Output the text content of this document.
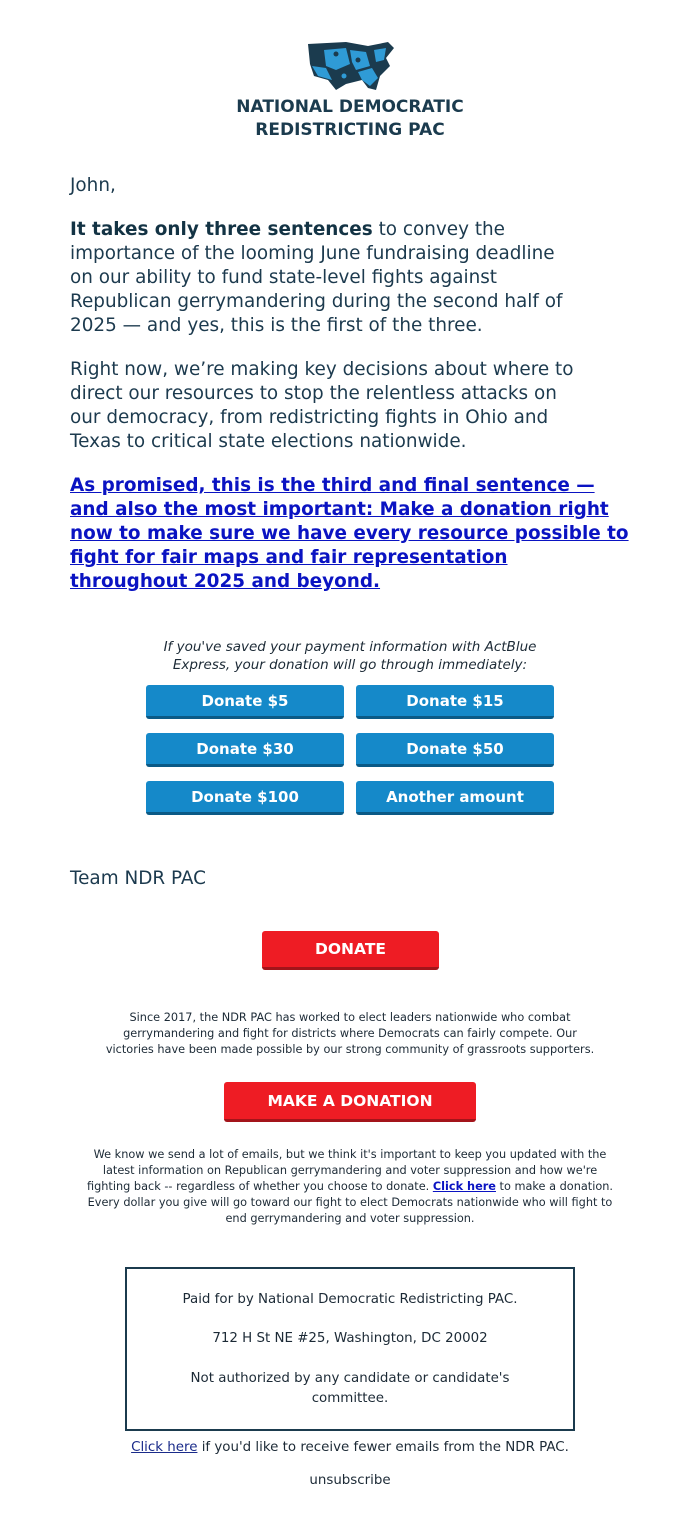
NATIONAL DEMOCRATIC
REDISTRICTING PAC
John,
It takes only three sentences to convey the
importance of the looming June fundraising deadline
on our ability to fund state-level fights against
Republican gerrymandering during the second half of
2025 — and yes, this is the first of the three.
Right now, we’re making key decisions about where to
direct our resources to stop the relentless attacks on
our democracy, from redistricting fights in Ohio and
Texas to critical state elections nationwide.
As promised, this is the third and final sentence —
and also the most important: Make a donation right
now to make sure we have every resource possible to
fight for fair maps and fair representation
throughout 2025 and beyond.
If you've saved your payment information with ActBlue
Express, your donation will go through immediately:
Donate $5	Donate $15
Donate $30	Donate $50
Donate $100	Another amount
Team NDR PAC
DONATE
Since 2017, the NDR PAC has worked to elect leaders nationwide who combat
gerrymandering and fight for districts where Democrats can fairly compete. Our
victories have been made possible by our strong community of grassroots supporters.
MAKE A DONATION
We know we send a lot of emails, but we think it's important to keep you updated with the
latest information on Republican gerrymandering and voter suppression and how we're
fighting back -- regardless of whether you choose to donate. Click here to make a donation.
Every dollar you give will go toward our fight to elect Democrats nationwide who will fight to
end gerrymandering and voter suppression.

Paid for by National Democratic Redistricting PAC.

712 H St NE #25, Washington, DC 20002

Not authorized by any candidate or candidate's

committee.

Click here if you'd like to receive fewer emails from the NDR PAC.
unsubscribe
